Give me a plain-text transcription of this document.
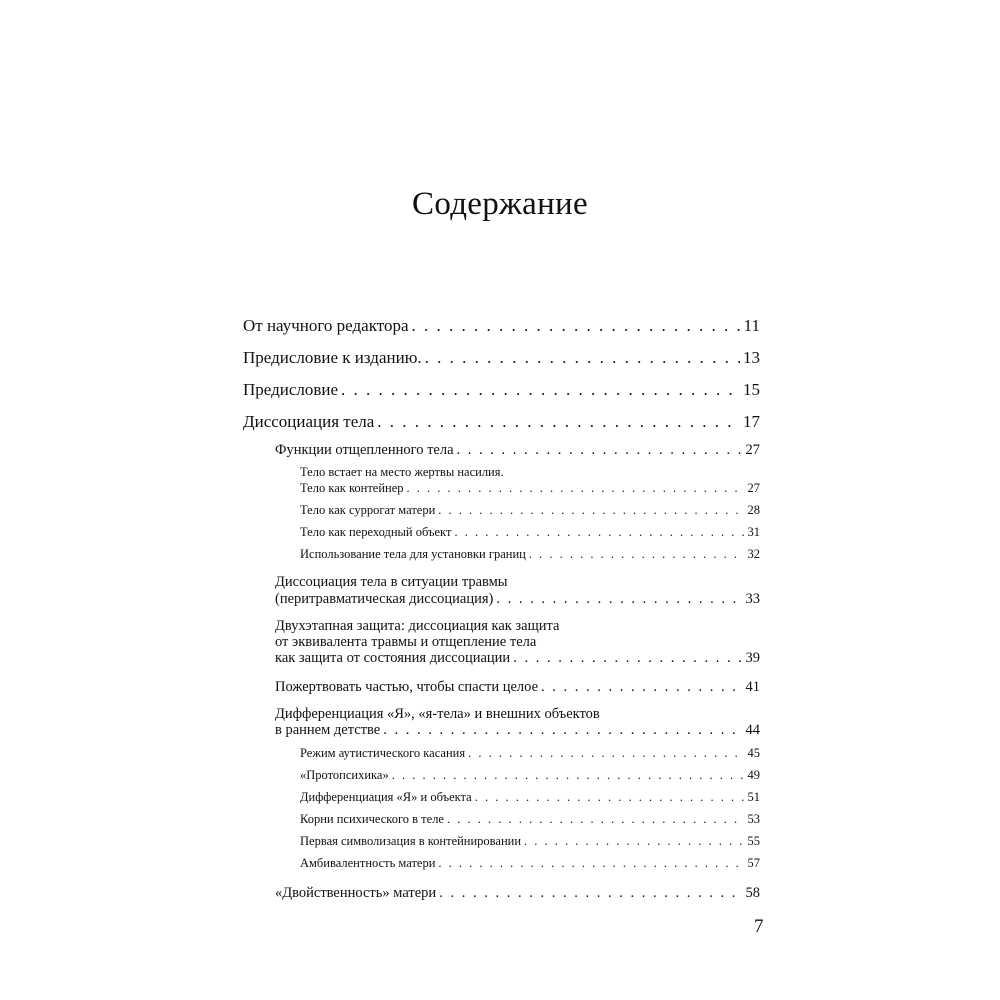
Содержание
От научного редактора . . .	11
Предисловие к изданию. . . .	13
Предисловие . . .	15
Диссоциация тела . . .	17
Функции отщепленного тела . . .	27
Тело встает на место жертвы насилия.
Тело как контейнер . . .	27
Тело как суррогат матери . . .	28
Тело как переходный объект . . .	31
Использование тела для установки границ . . .	32
Диссоциация тела в ситуации травмы
(перитравматическая диссоциация) . . .	33
Двухэтапная защита: диссоциация как защита
от эквивалента травмы и отщепление тела
как защита от состояния диссоциации . . .	39
Пожертвовать частью, чтобы спасти целое . . .	41
Дифференциация «Я», «я-тела» и внешних объектов
в раннем детстве . . .	44
Режим аутистического касания . . .	45
«Протопсихика» . . .	49
Дифференциация «Я» и объекта . . .	51
Корни психического в теле . . .	53
Первая символизация в контейнировании . . .	55
Амбивалентность матери . . .	57
«Двойственность» матери . . .	58
7
